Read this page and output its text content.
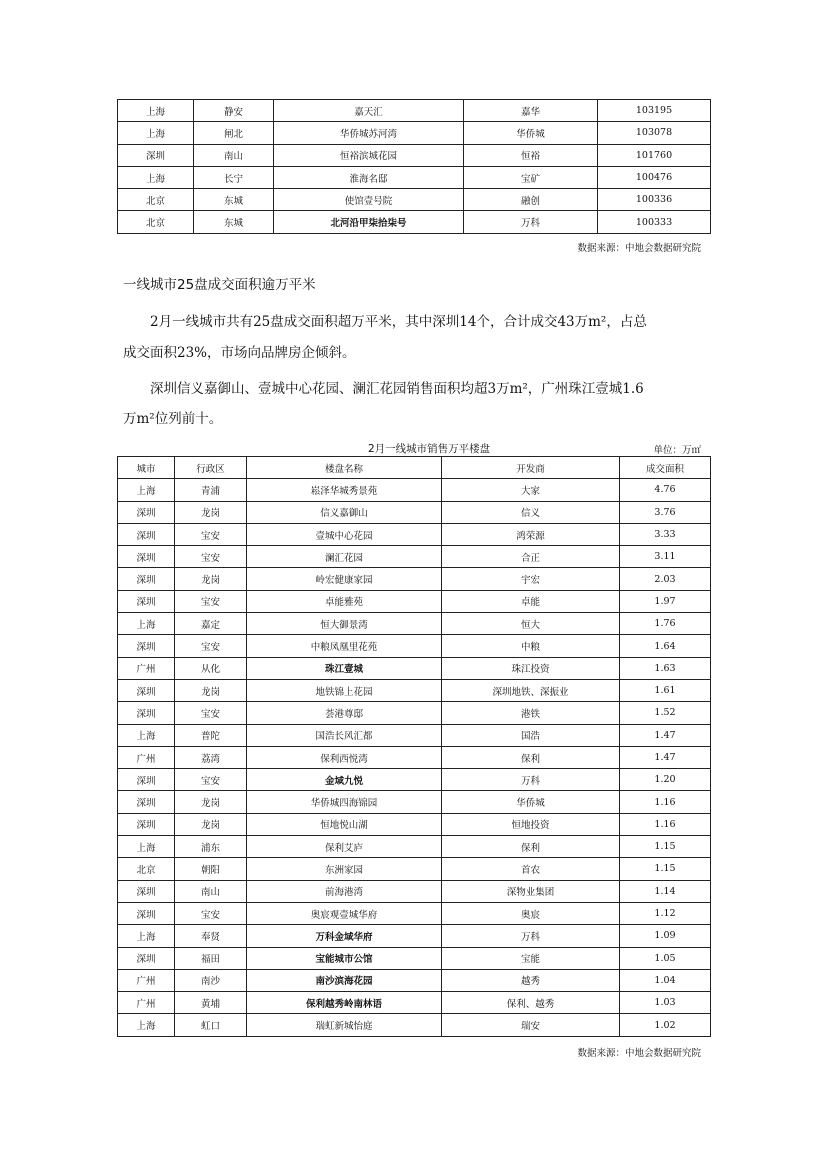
上海	静安	嘉天汇	嘉华	103195
上海	闸北	华侨城苏河湾	华侨城	103078
深圳	南山	恒裕滨城花园	恒裕	101760
上海	长宁	淮海名邸	宝矿	100476
北京	东城	使馆壹号院	融创	100336
北京	东城	北河沿甲柒拾柒号	万科	100333
数据来源：中地会数据研究院
一线城市25盘成交面积逾万平米
2月一线城市共有25盘成交面积超万平米，其中深圳14个，合计成交43万m²，占总
成交面积23%，市场向品牌房企倾斜。
深圳信义嘉御山、壹城中心花园、澜汇花园销售面积均超3万m²，广州珠江壹城1.6
万m²位列前十。
2月一线城市销售万平楼盘	单位：万㎡
城市	行政区	楼盘名称	开发商	成交面积
上海	青浦	崧泽华城秀景苑	大家	4.76
深圳	龙岗	信义嘉御山	信义	3.76
深圳	宝安	壹城中心花园	鸿荣源	3.33
深圳	宝安	澜汇花园	合正	3.11
深圳	龙岗	岭宏健康家园	宇宏	2.03
深圳	宝安	卓能雅苑	卓能	1.97
上海	嘉定	恒大御景湾	恒大	1.76
深圳	宝安	中粮凤凰里花苑	中粮	1.64
广州	从化	珠江壹城	珠江投资	1.63
深圳	龙岗	地铁锦上花园	深圳地铁、深振业	1.61
深圳	宝安	荟港尊邸	港铁	1.52
上海	普陀	国浩长风汇都	国浩	1.47
广州	荔湾	保利西悦湾	保利	1.47
深圳	宝安	金域九悦	万科	1.20
深圳	龙岗	华侨城四海锦园	华侨城	1.16
深圳	龙岗	恒地悦山湖	恒地投资	1.16
上海	浦东	保利艾庐	保利	1.15
北京	朝阳	东洲家园	首农	1.15
深圳	南山	前海港湾	深物业集团	1.14
深圳	宝安	奥宸观壹城华府	奥宸	1.12
上海	奉贤	万科金域华府	万科	1.09
深圳	福田	宝能城市公馆	宝能	1.05
广州	南沙	南沙滨海花园	越秀	1.04
广州	黄埔	保利越秀岭南林语	保利、越秀	1.03
上海	虹口	瑞虹新城怡庭	瑞安	1.02
数据来源：中地会数据研究院
